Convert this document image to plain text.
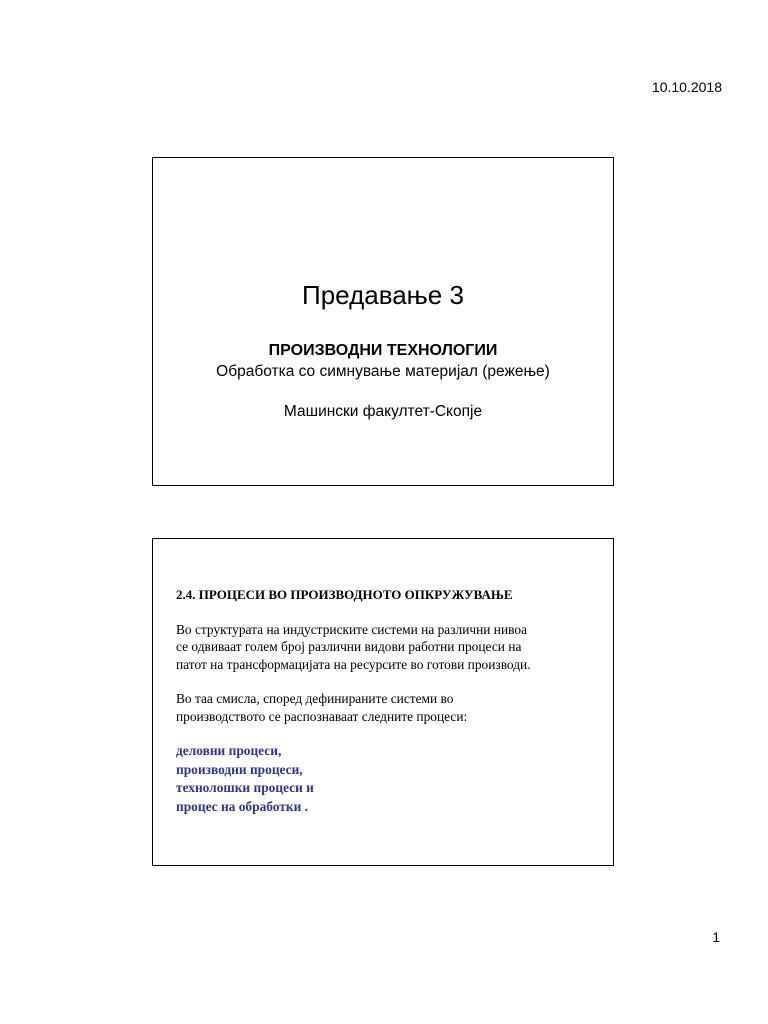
10.10.2018
Предавање 3
ПРОИЗВОДНИ ТЕХНОЛОГИИ
Обработка со симнување материјал (режење)
Машински факултет-Скопје
2.4. ПРОЦЕСИ ВО ПРОИЗВОДНОТО ОПКРУЖУВАЊЕ
Во структурата на индустриските системи на различни нивоа
се одвиваат голем број различни видови работни процеси на
патот на трансформацијата на ресурсите во готови производи.
Во таа смисла, според дефинираните системи во
производството се распознаваат следните процеси:
деловни процеси,
производни процеси,
технолошки процеси и
процес на обработки .
1
